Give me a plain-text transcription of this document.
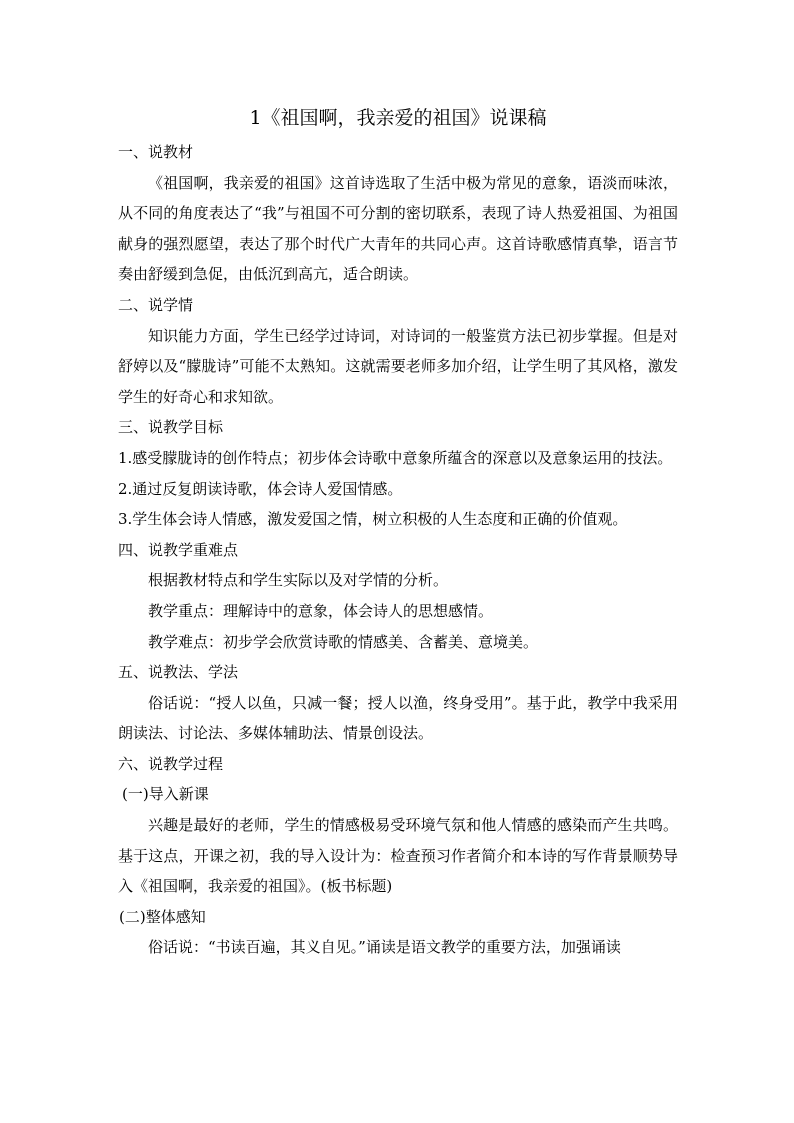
1《祖国啊，我亲爱的祖国》说课稿

一、说教材

《祖国啊，我亲爱的祖国》这首诗选取了生活中极为常见的意象，语淡而味浓，从不同的角度表达了“我”与祖国不可分割的密切联系，表现了诗人热爱祖国、为祖国献身的强烈愿望，表达了那个时代广大青年的共同心声。这首诗歌感情真挚，语言节奏由舒缓到急促，由低沉到高亢，适合朗读。

二、说学情

知识能力方面，学生已经学过诗词，对诗词的一般鉴赏方法已初步掌握。但是对舒婷以及“朦胧诗”可能不太熟知。这就需要老师多加介绍，让学生明了其风格，激发学生的好奇心和求知欲。

三、说教学目标

1.感受朦胧诗的创作特点；初步体会诗歌中意象所蕴含的深意以及意象运用的技法。

2.通过反复朗读诗歌，体会诗人爱国情感。

3.学生体会诗人情感，激发爱国之情，树立积极的人生态度和正确的价值观。

四、说教学重难点

根据教材特点和学生实际以及对学情的分析。

教学重点：理解诗中的意象，体会诗人的思想感情。

教学难点：初步学会欣赏诗歌的情感美、含蓄美、意境美。

五、说教法、学法

俗话说：“授人以鱼，只减一餐；授人以渔，终身受用”。基于此，教学中我采用朗读法、讨论法、多媒体辅助法、情景创设法。

六、说教学过程

(一)导入新课

兴趣是最好的老师，学生的情感极易受环境气氛和他人情感的感染而产生共鸣。基于这点，开课之初，我的导入设计为：检查预习作者简介和本诗的写作背景顺势导入《祖国啊，我亲爱的祖国》。(板书标题)

(二)整体感知

俗话说：“书读百遍，其义自见。”诵读是语文教学的重要方法，加强诵读
